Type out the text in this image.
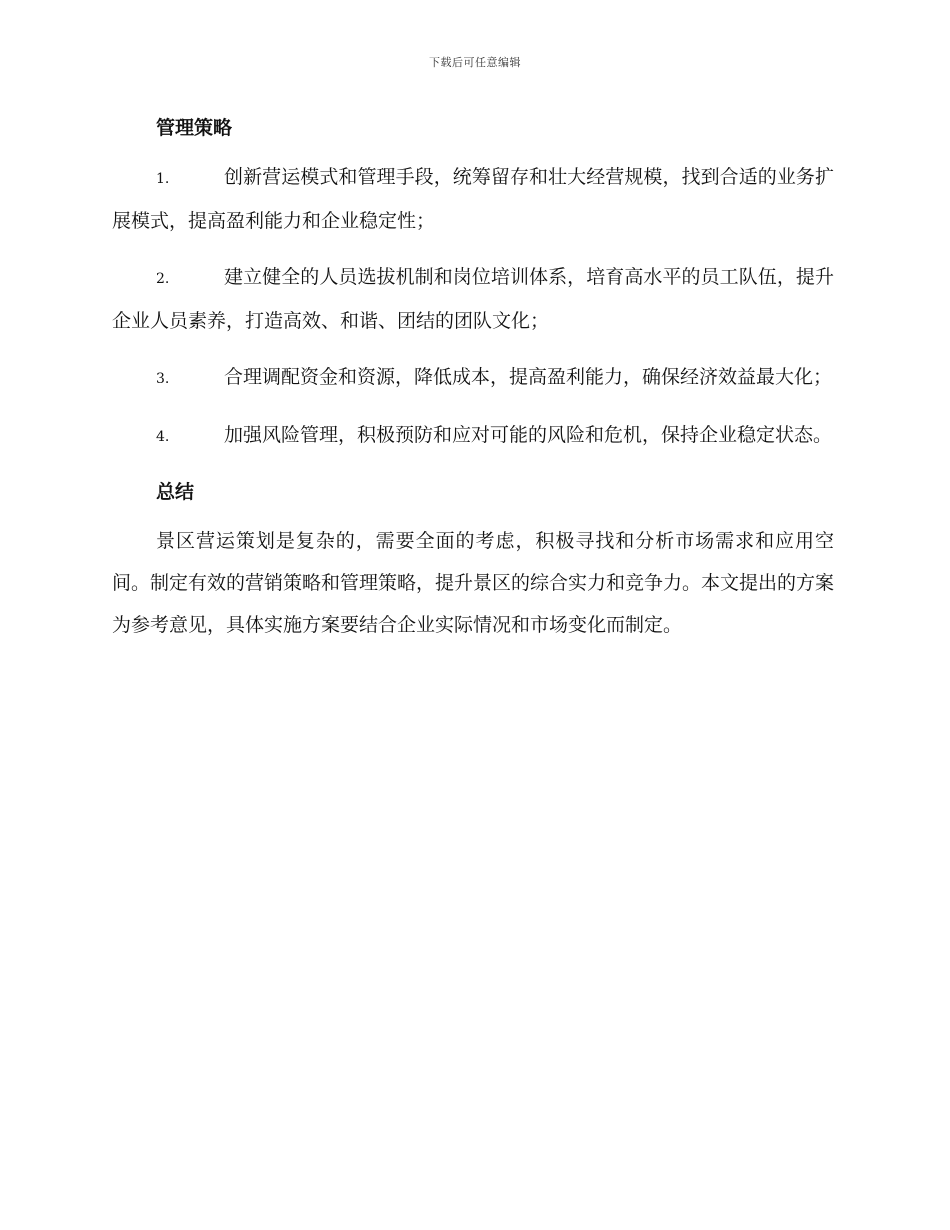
下载后可任意编辑
管理策略
1.	创新营运模式和管理手段，统筹留存和壮大经营规模，找到合适的业务扩展模式，提高盈利能力和企业稳定性；
2.	建立健全的人员选拔机制和岗位培训体系，培育高水平的员工队伍，提升企业人员素养，打造高效、和谐、团结的团队文化；
3.	合理调配资金和资源，降低成本，提高盈利能力，确保经济效益最大化；
4.	加强风险管理，积极预防和应对可能的风险和危机，保持企业稳定状态。
总结

景区营运策划是复杂的，需要全面的考虑，积极寻找和分析市场需求和应用空间。制定有效的营销策略和管理策略，提升景区的综合实力和竞争力。本文提出的方案为参考意见，具体实施方案要结合企业实际情况和市场变化而制定。
